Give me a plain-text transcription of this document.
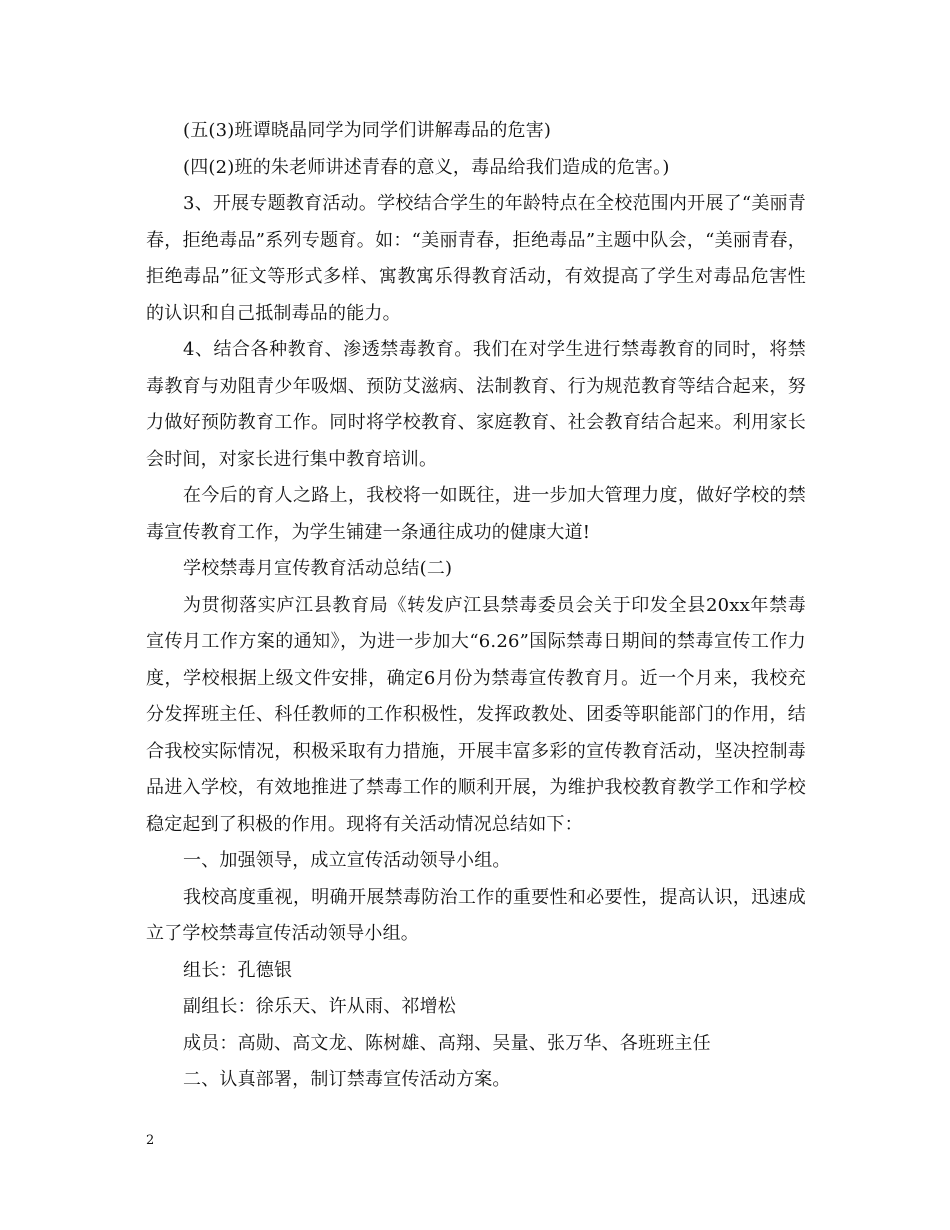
(五(3)班谭晓晶同学为同学们讲解毒品的危害)

(四(2)班的朱老师讲述青春的意义，毒品给我们造成的危害。)

3、开展专题教育活动。学校结合学生的年龄特点在全校范围内开展了“美丽青春，拒绝毒品”系列专题育。如：“美丽青春，拒绝毒品”主题中队会，“美丽青春，拒绝毒品”征文等形式多样、寓教寓乐得教育活动，有效提高了学生对毒品危害性的认识和自己抵制毒品的能力。

4、结合各种教育、渗透禁毒教育。我们在对学生进行禁毒教育的同时，将禁毒教育与劝阻青少年吸烟、预防艾滋病、法制教育、行为规范教育等结合起来，努力做好预防教育工作。同时将学校教育、家庭教育、社会教育结合起来。利用家长会时间，对家长进行集中教育培训。

在今后的育人之路上，我校将一如既往，进一步加大管理力度，做好学校的禁毒宣传教育工作，为学生铺建一条通往成功的健康大道!

学校禁毒月宣传教育活动总结(二)

为贯彻落实庐江县教育局《转发庐江县禁毒委员会关于印发全县20xx年禁毒宣传月工作方案的通知》，为进一步加大“6.26”国际禁毒日期间的禁毒宣传工作力度，学校根据上级文件安排，确定6月份为禁毒宣传教育月。近一个月来，我校充分发挥班主任、科任教师的工作积极性，发挥政教处、团委等职能部门的作用，结合我校实际情况，积极采取有力措施，开展丰富多彩的宣传教育活动，坚决控制毒品进入学校，有效地推进了禁毒工作的顺利开展，为维护我校教育教学工作和学校稳定起到了积极的作用。现将有关活动情况总结如下：

一、加强领导，成立宣传活动领导小组。

我校高度重视，明确开展禁毒防治工作的重要性和必要性，提高认识，迅速成立了学校禁毒宣传活动领导小组。

组长：孔德银

副组长：徐乐天、许从雨、祁增松

成员：高勋、高文龙、陈树雄、高翔、吴量、张万华、各班班主任

二、认真部署，制订禁毒宣传活动方案。

2
